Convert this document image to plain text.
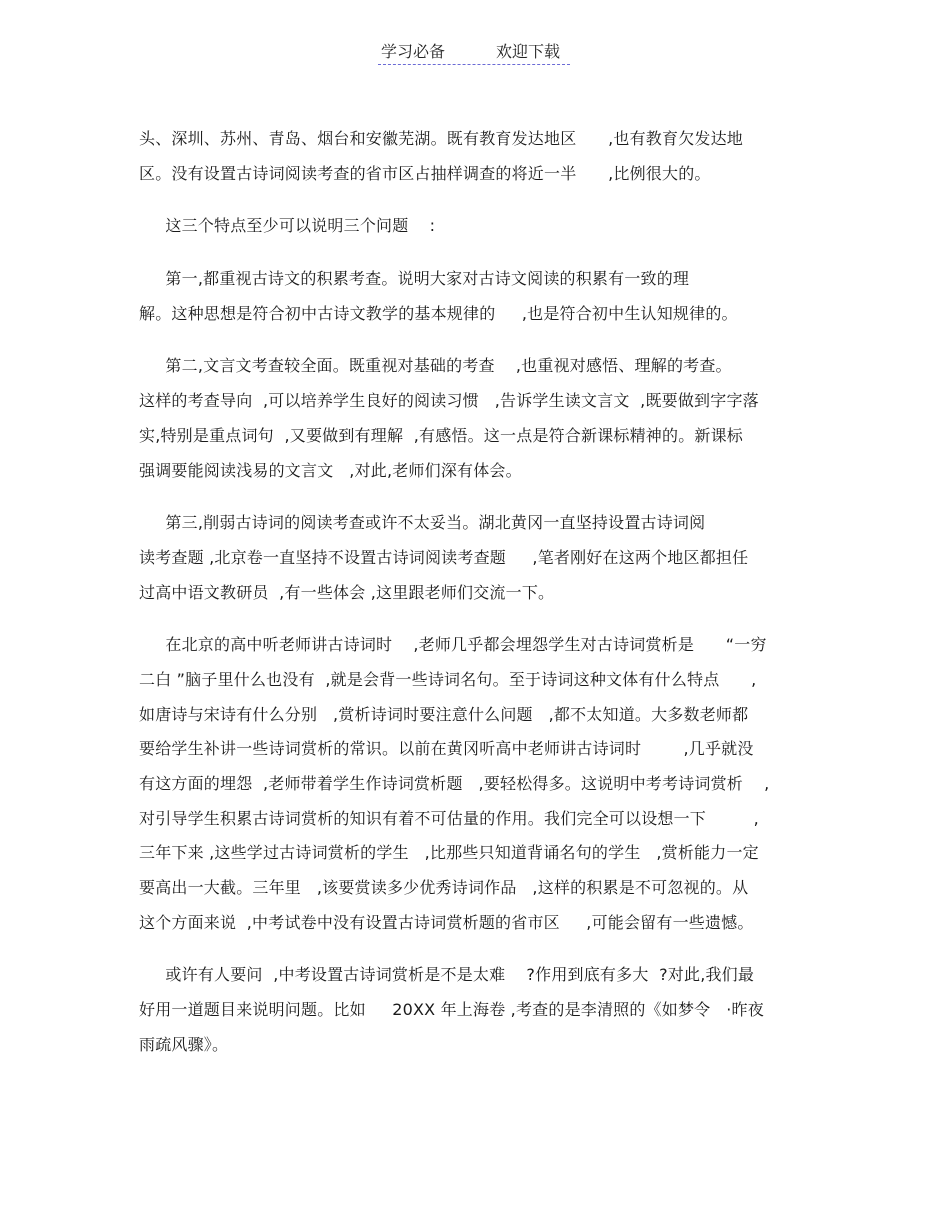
学习必备	欢迎下载
头、深圳、苏州、青岛、烟台和安徽芜湖。既有教育发达地区      ,也有教育欠发达地
区。没有设置古诗词阅读考查的省市区占抽样调查的将近一半      ,比例很大的。
这三个特点至少可以说明三个问题    :
第一,都重视古诗文的积累考查。说明大家对古诗文阅读的积累有一致的理
解。这种思想是符合初中古诗文教学的基本规律的     ,也是符合初中生认知规律的。
第二,文言文考查较全面。既重视对基础的考查    ,也重视对感悟、理解的考查。
这样的考查导向  ,可以培养学生良好的阅读习惯   ,告诉学生读文言文  ,既要做到字字落
实,特别是重点词句  ,又要做到有理解  ,有感悟。这一点是符合新课标精神的。新课标
强调要能阅读浅易的文言文   ,对此,老师们深有体会。
第三,削弱古诗词的阅读考查或许不太妥当。湖北黄冈一直坚持设置古诗词阅
读考查题 ,北京卷一直坚持不设置古诗词阅读考查题     ,笔者刚好在这两个地区都担任
过高中语文教研员  ,有一些体会 ,这里跟老师们交流一下。
在北京的高中听老师讲古诗词时    ,老师几乎都会埋怨学生对古诗词赏析是      “一穷
二白 ”脑子里什么也没有  ,就是会背一些诗词名句。至于诗词这种文体有什么特点      ,
如唐诗与宋诗有什么分别   ,赏析诗词时要注意什么问题   ,都不太知道。大多数老师都
要给学生补讲一些诗词赏析的常识。以前在黄冈听高中老师讲古诗词时        ,几乎就没
有这方面的埋怨  ,老师带着学生作诗词赏析题   ,要轻松得多。这说明中考考诗词赏析    ,
对引导学生积累古诗词赏析的知识有着不可估量的作用。我们完全可以设想一下         ,
三年下来 ,这些学过古诗词赏析的学生   ,比那些只知道背诵名句的学生   ,赏析能力一定
要高出一大截。三年里   ,该要赏读多少优秀诗词作品   ,这样的积累是不可忽视的。从
这个方面来说  ,中考试卷中没有设置古诗词赏析题的省市区     ,可能会留有一些遗憾。
或许有人要问  ,中考设置古诗词赏析是不是太难    ?作用到底有多大  ?对此,我们最
好用一道题目来说明问题。比如     20XX 年上海卷 ,考查的是李清照的《如梦令   ·昨夜
雨疏风骤》。
